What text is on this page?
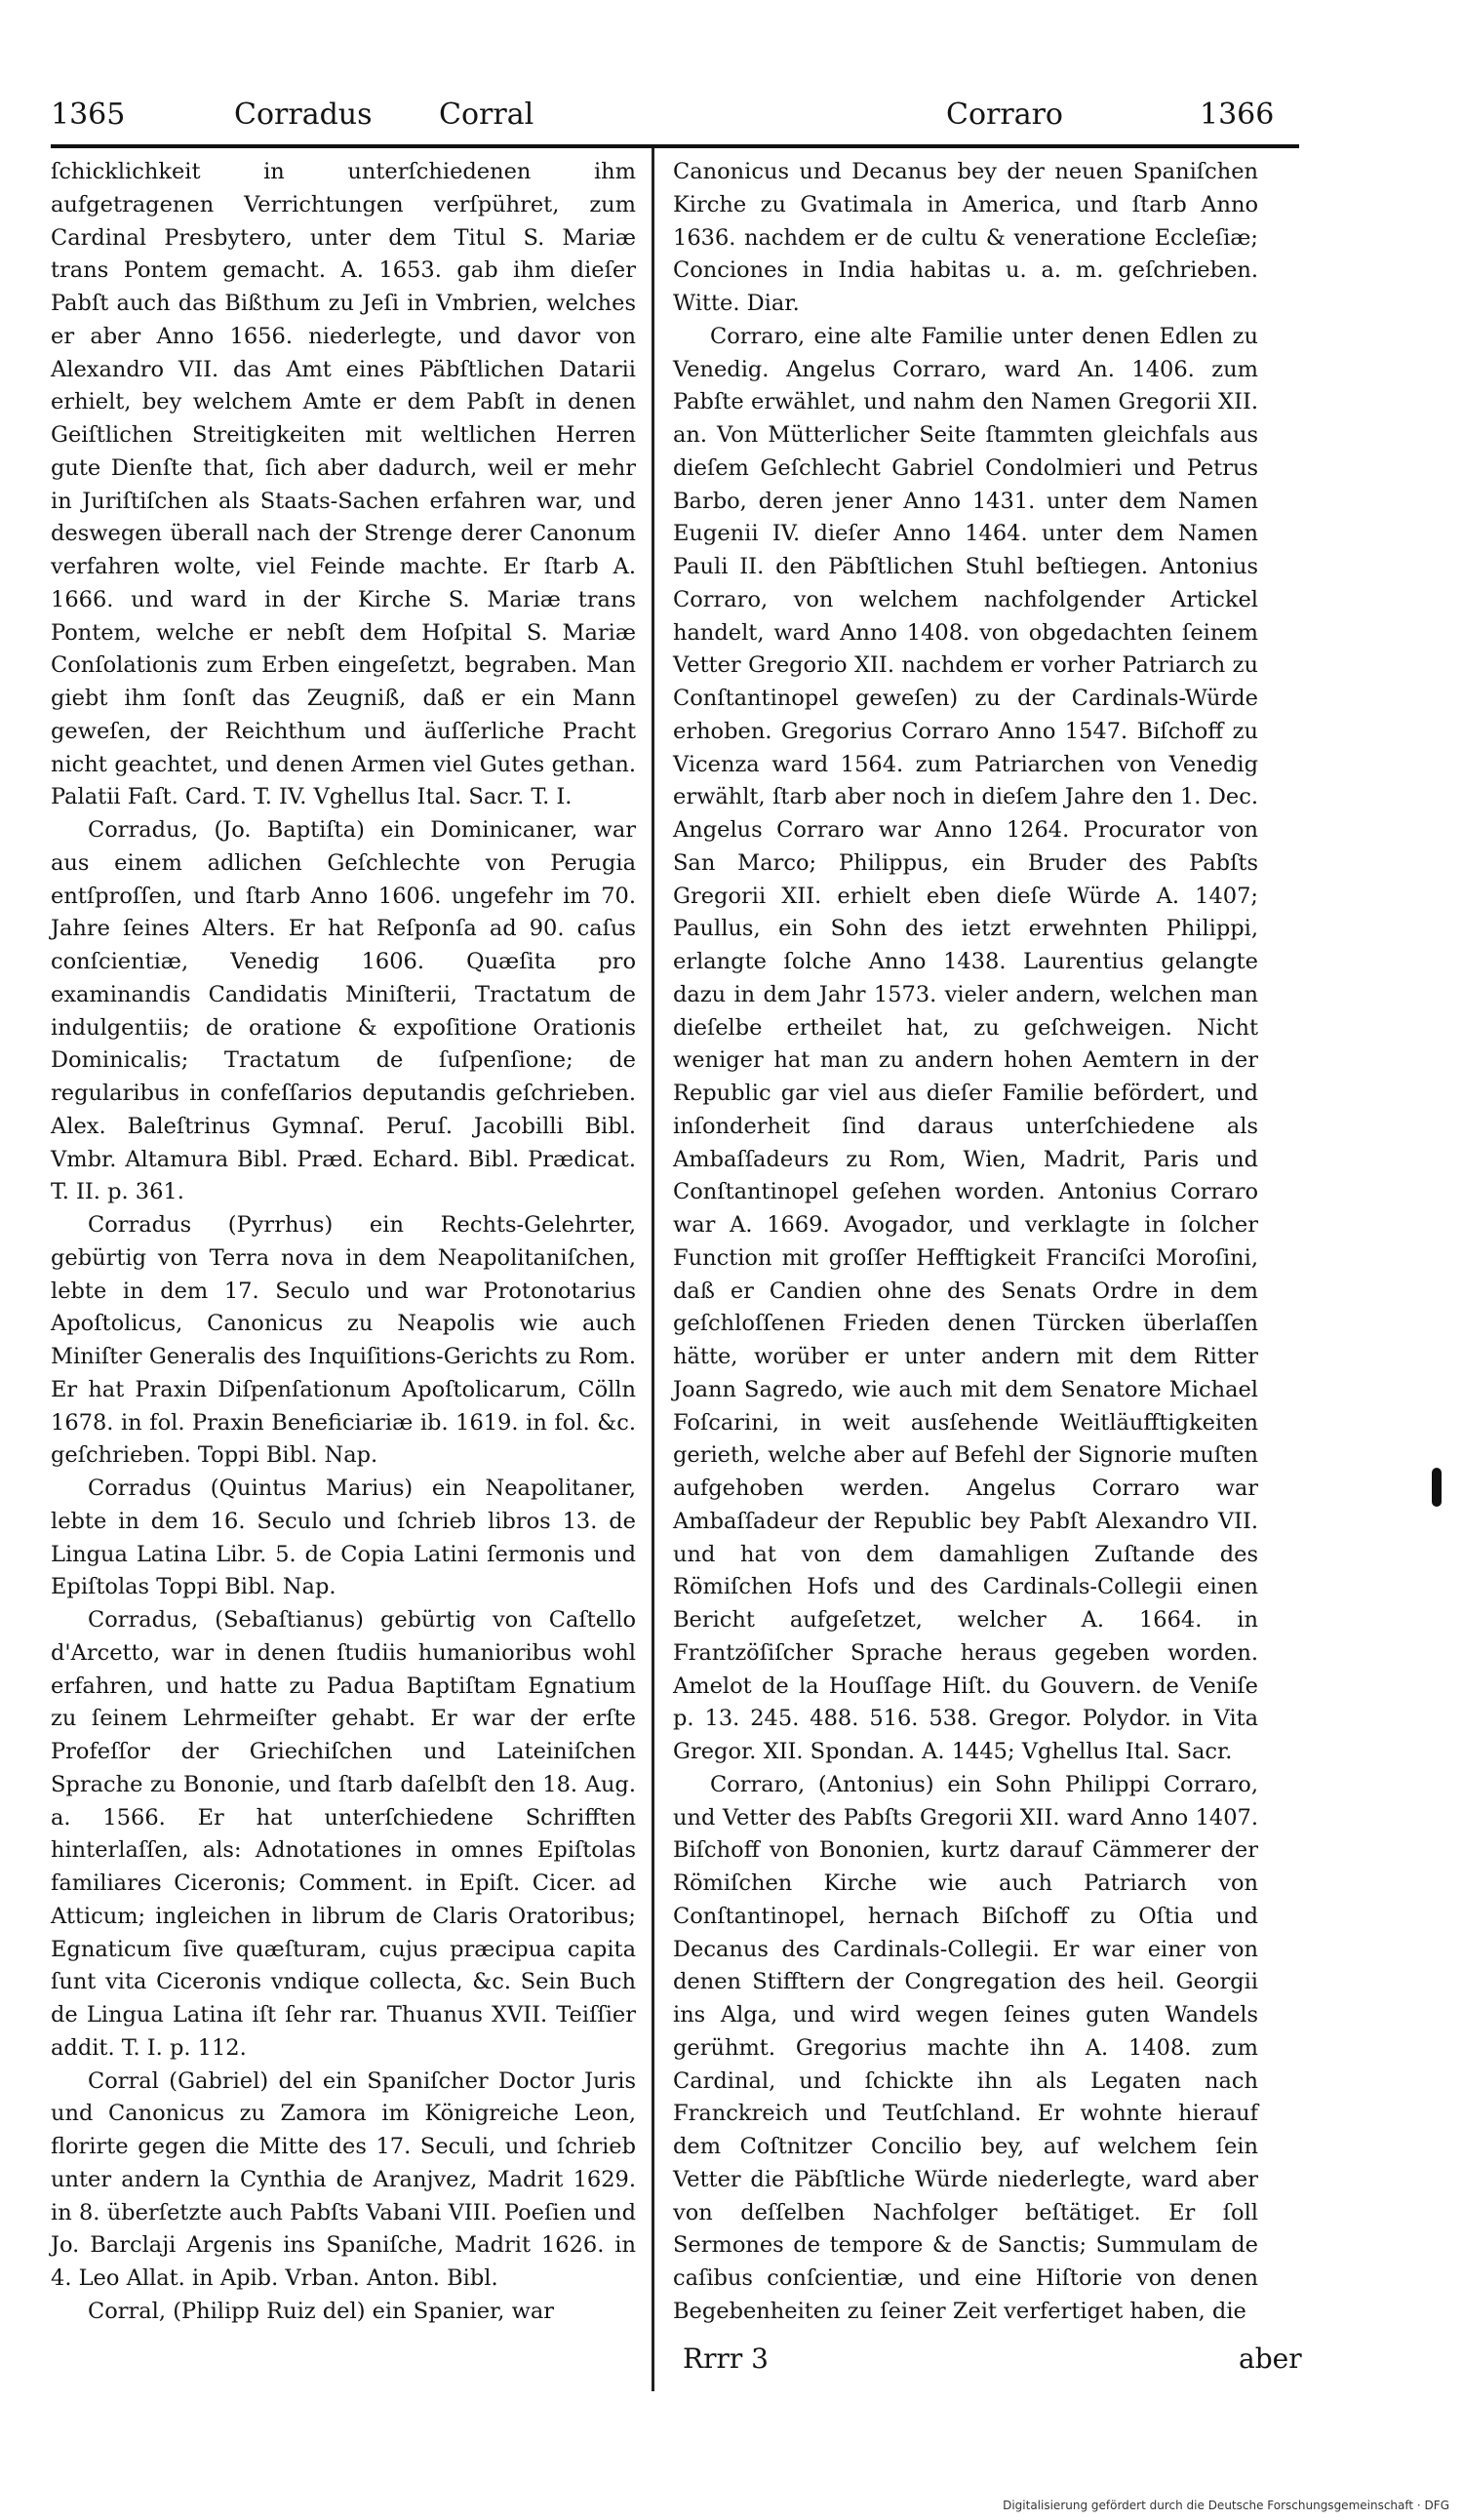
1365	Corradus Corral	Corraro	1366

ſchicklichkeit in unterſchiedenen ihm aufgetragenen Verrichtungen verſpühret, zum Cardinal Presbytero, unter dem Titul S. Mariæ trans Pontem gemacht. A. 1653. gab ihm dieſer Pabſt auch das Bißthum zu Jeſi in Vmbrien, welches er aber Anno 1656. niederlegte, und davor von Alexandro VII. das Amt eines Päbſtlichen Datarii erhielt, bey welchem Amte er dem Pabſt in denen Geiſtlichen Streitigkeiten mit weltlichen Herren gute Dienſte that, ſich aber dadurch, weil er mehr in Juriſtiſchen als Staats-Sachen erfahren war, und deswegen überall nach der Strenge derer Canonum verfahren wolte, viel Feinde machte. Er ſtarb A. 1666. und ward in der Kirche S. Mariæ trans Pontem, welche er nebſt dem Hoſpital S. Mariæ Conſolationis zum Erben eingeſetzt, begraben. Man giebt ihm ſonſt das Zeugniß, daß er ein Mann geweſen, der Reichthum und äuſſerliche Pracht nicht geachtet, und denen Armen viel Gutes gethan. Palatii Faſt. Card. T. IV. Vghellus Ital. Sacr. T. I.

Corradus, (Jo. Baptiſta) ein Dominicaner, war aus einem adlichen Geſchlechte von Perugia entſproſſen, und ſtarb Anno 1606. ungefehr im 70. Jahre ſeines Alters. Er hat Reſponſa ad 90. caſus conſcientiæ, Venedig 1606. Quæſita pro examinandis Candidatis Miniſterii, Tractatum de indulgentiis; de oratione & expoſitione Orationis Dominicalis; Tractatum de ſuſpenſione; de regularibus in confeſſarios deputandis geſchrieben. Alex. Baleſtrinus Gymnaſ. Peruſ. Jacobilli Bibl. Vmbr. Altamura Bibl. Præd. Echard. Bibl. Prædicat. T. II. p. 361.

Corradus (Pyrrhus) ein Rechts-Gelehrter, gebürtig von Terra nova in dem Neapolitaniſchen, lebte in dem 17. Seculo und war Protonotarius Apoſtolicus, Canonicus zu Neapolis wie auch Miniſter Generalis des Inquiſitions-Gerichts zu Rom. Er hat Praxin Diſpenſationum Apoſtolicarum, Cölln 1678. in fol. Praxin Beneficiariæ ib. 1619. in fol. &c. geſchrieben. Toppi Bibl. Nap.

Corradus (Quintus Marius) ein Neapolitaner, lebte in dem 16. Seculo und ſchrieb libros 13. de Lingua Latina Libr. 5. de Copia Latini ſermonis und Epiſtolas Toppi Bibl. Nap.

Corradus, (Sebaſtianus) gebürtig von Caſtello d'Arcetto, war in denen ſtudiis humanioribus wohl erfahren, und hatte zu Padua Baptiſtam Egnatium zu ſeinem Lehrmeiſter gehabt. Er war der erſte Profeſſor der Griechiſchen und Lateiniſchen Sprache zu Bononie, und ſtarb daſelbſt den 18. Aug. a. 1566. Er hat unterſchiedene Schrifften hinterlaſſen, als: Adnotationes in omnes Epiſtolas familiares Ciceronis; Comment. in Epiſt. Cicer. ad Atticum; ingleichen in librum de Claris Oratoribus; Egnaticum ſive quæſturam, cujus præcipua capita ſunt vita Ciceronis vndique collecta, &c. Sein Buch de Lingua Latina iſt ſehr rar. Thuanus XVII. Teiſſier addit. T. I. p. 112.

Corral (Gabriel) del ein Spaniſcher Doctor Juris und Canonicus zu Zamora im Königreiche Leon, florirte gegen die Mitte des 17. Seculi, und ſchrieb unter andern la Cynthia de Aranjvez, Madrit 1629. in 8. überſetzte auch Pabſts Vabani VIII. Poeſien und Jo. Barclaji Argenis ins Spaniſche, Madrit 1626. in 4. Leo Allat. in Apib. Vrban. Anton. Bibl.

Corral, (Philipp Ruiz del) ein Spanier, war

Canonicus und Decanus bey der neuen Spaniſchen Kirche zu Gvatimala in America, und ſtarb Anno 1636. nachdem er de cultu & veneratione Eccleſiæ; Conciones in India habitas u. a. m. geſchrieben. Witte. Diar.

Corraro, eine alte Familie unter denen Edlen zu Venedig. Angelus Corraro, ward An. 1406. zum Pabſte erwählet, und nahm den Namen Gregorii XII. an. Von Mütterlicher Seite ſtammten gleichfals aus dieſem Geſchlecht Gabriel Condolmieri und Petrus Barbo, deren jener Anno 1431. unter dem Namen Eugenii IV. dieſer Anno 1464. unter dem Namen Pauli II. den Päbſtlichen Stuhl beſtiegen. Antonius Corraro, von welchem nachfolgender Artickel handelt, ward Anno 1408. von obgedachten ſeinem Vetter Gregorio XII. nachdem er vorher Patriarch zu Conſtantinopel geweſen) zu der Cardinals-Würde erhoben. Gregorius Corraro Anno 1547. Biſchoff zu Vicenza ward 1564. zum Patriarchen von Venedig erwählt, ſtarb aber noch in dieſem Jahre den 1. Dec. Angelus Corraro war Anno 1264. Procurator von San Marco; Philippus, ein Bruder des Pabſts Gregorii XII. erhielt eben dieſe Würde A. 1407; Paullus, ein Sohn des ietzt erwehnten Philippi, erlangte ſolche Anno 1438. Laurentius gelangte dazu in dem Jahr 1573. vieler andern, welchen man dieſelbe ertheilet hat, zu geſchweigen. Nicht weniger hat man zu andern hohen Aemtern in der Republic gar viel aus dieſer Familie befördert, und inſonderheit ſind daraus unterſchiedene als Ambaſſadeurs zu Rom, Wien, Madrit, Paris und Conſtantinopel geſehen worden. Antonius Corraro war A. 1669. Avogador, und verklagte in ſolcher Function mit groſſer Hefftigkeit Franciſci Moroſini, daß er Candien ohne des Senats Ordre in dem geſchloſſenen Frieden denen Türcken überlaſſen hätte, worüber er unter andern mit dem Ritter Joann Sagredo, wie auch mit dem Senatore Michael Foſcarini, in weit ausſehende Weitläufftigkeiten gerieth, welche aber auf Befehl der Signorie muſten aufgehoben werden. Angelus Corraro war Ambaſſadeur der Republic bey Pabſt Alexandro VII. und hat von dem damahligen Zuſtande des Römiſchen Hofs und des Cardinals-Collegii einen Bericht aufgeſetzet, welcher A. 1664. in Frantzöſiſcher Sprache heraus gegeben worden. Amelot de la Houſſage Hiſt. du Gouvern. de Veniſe p. 13. 245. 488. 516. 538. Gregor. Polydor. in Vita Gregor. XII. Spondan. A. 1445; Vghellus Ital. Sacr.

Corraro, (Antonius) ein Sohn Philippi Corraro, und Vetter des Pabſts Gregorii XII. ward Anno 1407. Biſchoff von Bononien, kurtz darauf Cämmerer der Römiſchen Kirche wie auch Patriarch von Conſtantinopel, hernach Biſchoff zu Oſtia und Decanus des Cardinals-Collegii. Er war einer von denen Stifftern der Congregation des heil. Georgii ins Alga, und wird wegen ſeines guten Wandels gerühmt. Gregorius machte ihn A. 1408. zum Cardinal, und ſchickte ihn als Legaten nach Franckreich und Teutſchland. Er wohnte hierauf dem Coſtnitzer Concilio bey, auf welchem ſein Vetter die Päbſtliche Würde niederlegte, ward aber von deſſelben Nachfolger beſtätiget. Er ſoll Sermones de tempore & de Sanctis; Summulam de caſibus conſcientiæ, und eine Hiſtorie von denen Begebenheiten zu ſeiner Zeit verfertiget haben, die

Rrrr 3	aber
Digitalisierung gefördert durch die Deutsche Forschungsgemeinschaft · DFG
